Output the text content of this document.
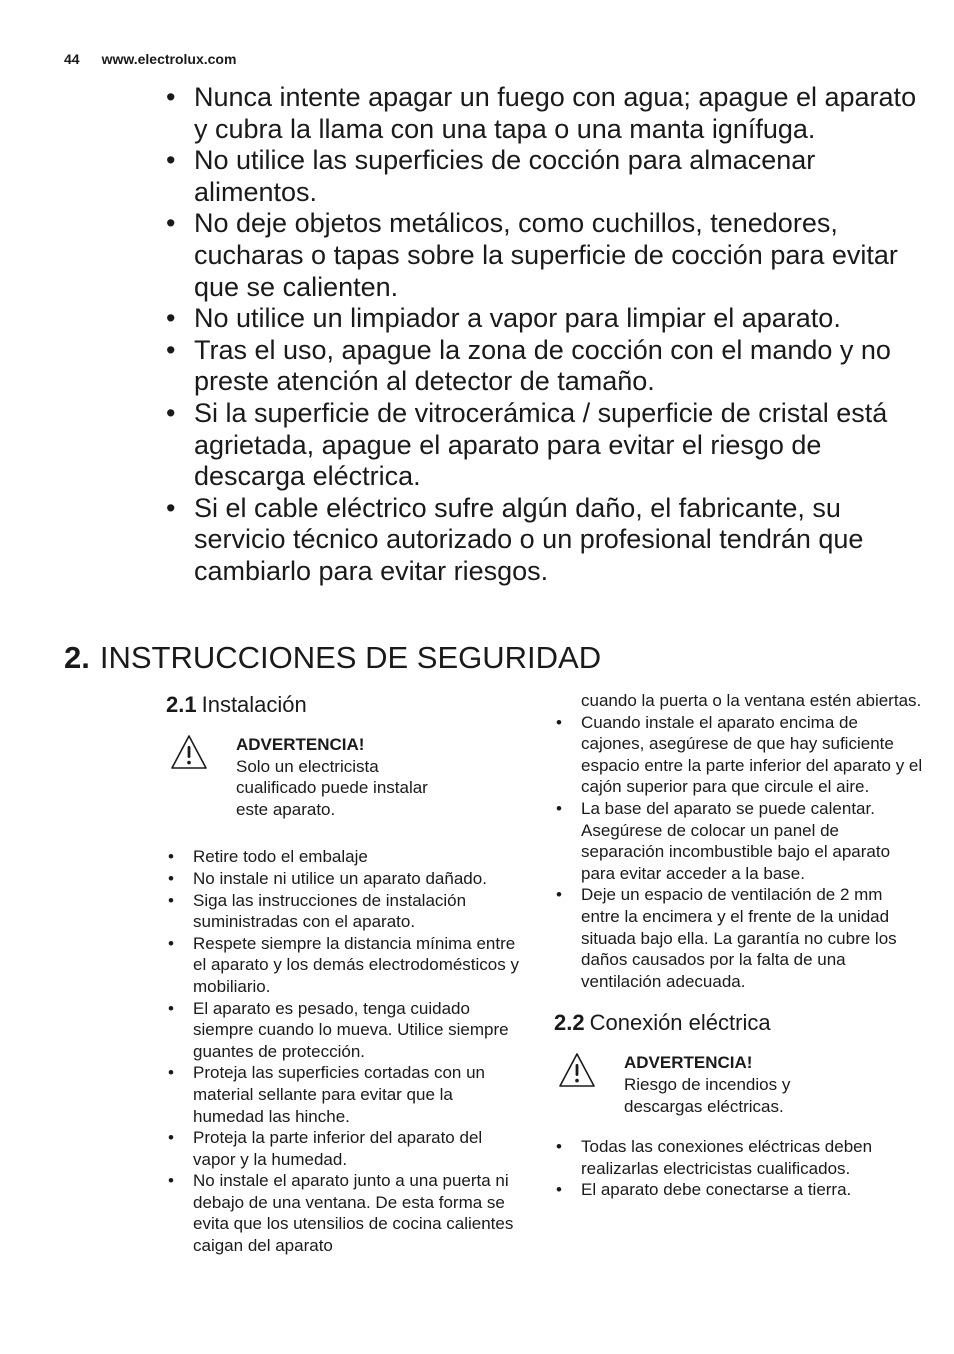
44 www.electrolux.com
• Nunca intente apagar un fuego con agua; apague el aparato y cubra la llama con una tapa o una manta ignífuga.
• No utilice las superficies de cocción para almacenar alimentos.
• No deje objetos metálicos, como cuchillos, tenedores, cucharas o tapas sobre la superficie de cocción para evitar que se calienten.
• No utilice un limpiador a vapor para limpiar el aparato.
• Tras el uso, apague la zona de cocción con el mando y no preste atención al detector de tamaño.
• Si la superficie de vitrocerámica / superficie de cristal está agrietada, apague el aparato para evitar el riesgo de descarga eléctrica.
• Si el cable eléctrico sufre algún daño, el fabricante, su servicio técnico autorizado o un profesional tendrán que cambiarlo para evitar riesgos.
2. INSTRUCCIONES DE SEGURIDAD
2.1 Instalación
ADVERTENCIA!
Solo un electricista cualificado puede instalar este aparato.
• Retire todo el embalaje
• No instale ni utilice un aparato dañado.
• Siga las instrucciones de instalación suministradas con el aparato.
• Respete siempre la distancia mínima entre el aparato y los demás electrodomésticos y mobiliario.
• El aparato es pesado, tenga cuidado siempre cuando lo mueva. Utilice siempre guantes de protección.
• Proteja las superficies cortadas con un material sellante para evitar que la humedad las hinche.
• Proteja la parte inferior del aparato del vapor y la humedad.
• No instale el aparato junto a una puerta ni debajo de una ventana. De esta forma se evita que los utensilios de cocina calientes caigan del aparato
cuando la puerta o la ventana estén abiertas.
• Cuando instale el aparato encima de cajones, asegúrese de que hay suficiente espacio entre la parte inferior del aparato y el cajón superior para que circule el aire.
• La base del aparato se puede calentar. Asegúrese de colocar un panel de separación incombustible bajo el aparato para evitar acceder a la base.
• Deje un espacio de ventilación de 2 mm entre la encimera y el frente de la unidad situada bajo ella. La garantía no cubre los daños causados por la falta de una ventilación adecuada.
2.2 Conexión eléctrica
ADVERTENCIA!
Riesgo de incendios y descargas eléctricas.
• Todas las conexiones eléctricas deben realizarlas electricistas cualificados.
• El aparato debe conectarse a tierra.
